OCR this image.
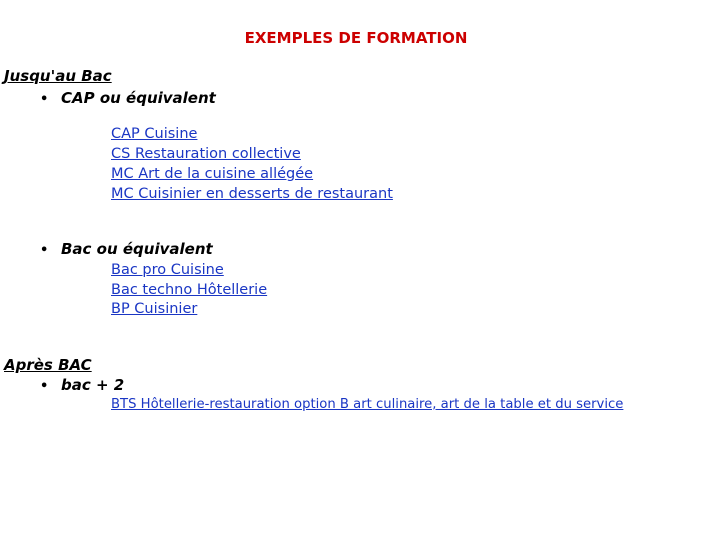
EXEMPLES DE FORMATION
Jusqu'au Bac
• CAP ou équivalent
CAP Cuisine
CS Restauration collective
MC Art de la cuisine allégée
MC Cuisinier en desserts de restaurant
• Bac ou équivalent
Bac pro Cuisine
Bac techno Hôtellerie
BP Cuisinier
Après BAC
• bac + 2
BTS Hôtellerie-restauration option B art culinaire, art de la table et du service
